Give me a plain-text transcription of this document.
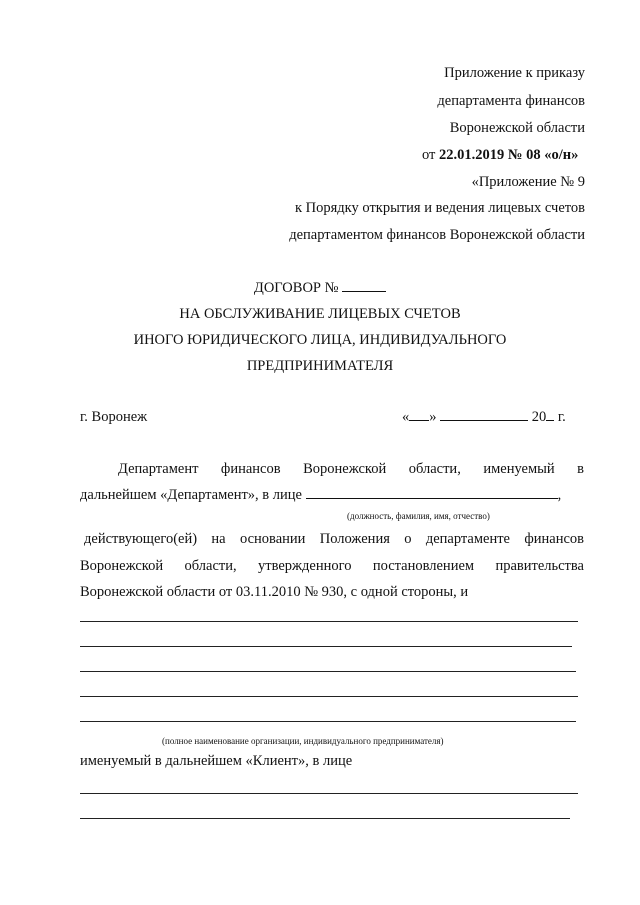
Приложение к приказу
департамента финансов
Воронежской области
от 22.01.2019 № 08 «о/н»
«Приложение № 9
к Порядку открытия и ведения лицевых счетов
департаментом финансов Воронежской области
ДОГОВОР №
НА ОБСЛУЖИВАНИЕ ЛИЦЕВЫХ СЧЕТОВ
ИНОГО ЮРИДИЧЕСКОГО ЛИЦА, ИНДИВИДУАЛЬНОГО
ПРЕДПРИНИМАТЕЛЯ
г. Воронеж	« »	20 г.
Департамент финансов Воронежской области, именуемый в
дальнейшем «Департамент», в лице	,
(должность, фамилия, имя, отчество)
действующего(ей) на основании Положения о департаменте финансов
Воронежской области, утвержденного постановлением правительства
Воронежской области от 03.11.2010 № 930, с одной стороны, и
(полное наименование организации, индивидуального предпринимателя)
именуемый в дальнейшем «Клиент», в лице
